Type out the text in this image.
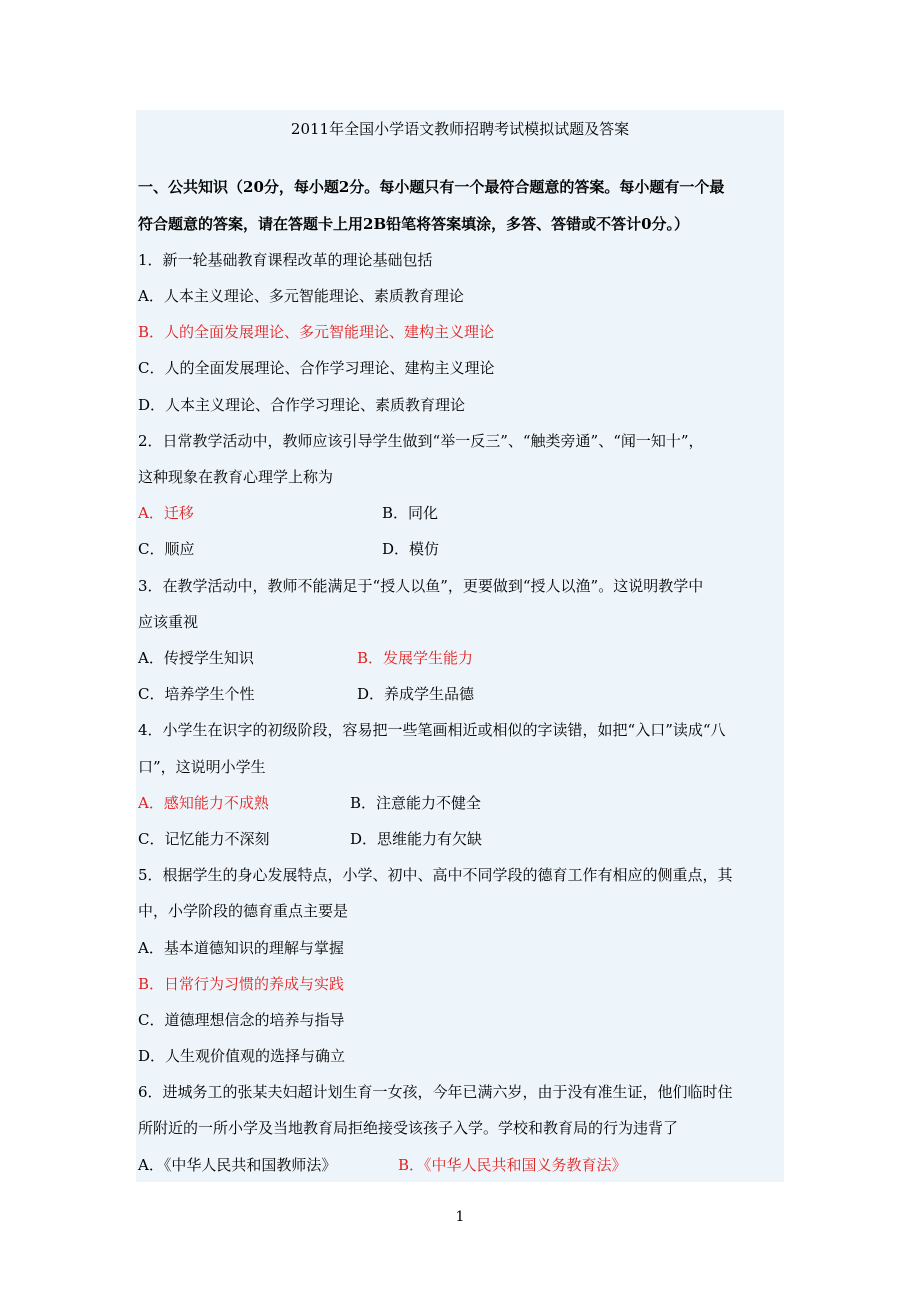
2011年全国小学语文教师招聘考试模拟试题及答案
一、公共知识（20分，每小题2分。每小题只有一个最符合题意的答案。每小题有一个最
符合题意的答案，请在答题卡上用2B铅笔将答案填涂，多答、答错或不答计0分。）
1．新一轮基础教育课程改革的理论基础包括
A．人本主义理论、多元智能理论、素质教育理论
B．人的全面发展理论、多元智能理论、建构主义理论
C．人的全面发展理论、合作学习理论、建构主义理论
D．人本主义理论、合作学习理论、素质教育理论
2．日常教学活动中，教师应该引导学生做到“举一反三”、“触类旁通”、“闻一知十”，
这种现象在教育心理学上称为
A．迁移	B．同化
C．顺应	D．模仿
3．在教学活动中，教师不能满足于“授人以鱼”，更要做到“授人以渔”。这说明教学中
应该重视
A．传授学生知识	B．发展学生能力
C．培养学生个性	D．养成学生品德
4．小学生在识字的初级阶段，容易把一些笔画相近或相似的字读错，如把“入口”读成“八
口”，这说明小学生
A．感知能力不成熟	B．注意能力不健全
C．记忆能力不深刻	D．思维能力有欠缺
5．根据学生的身心发展特点，小学、初中、高中不同学段的德育工作有相应的侧重点，其
中，小学阶段的德育重点主要是
A．基本道德知识的理解与掌握
B．日常行为习惯的养成与实践
C．道德理想信念的培养与指导
D．人生观价值观的选择与确立
6．进城务工的张某夫妇超计划生育一女孩，今年已满六岁，由于没有准生证，他们临时住
所附近的一所小学及当地教育局拒绝接受该孩子入学。学校和教育局的行为违背了
A．《中华人民共和国教师法》	B．《中华人民共和国义务教育法》
1
